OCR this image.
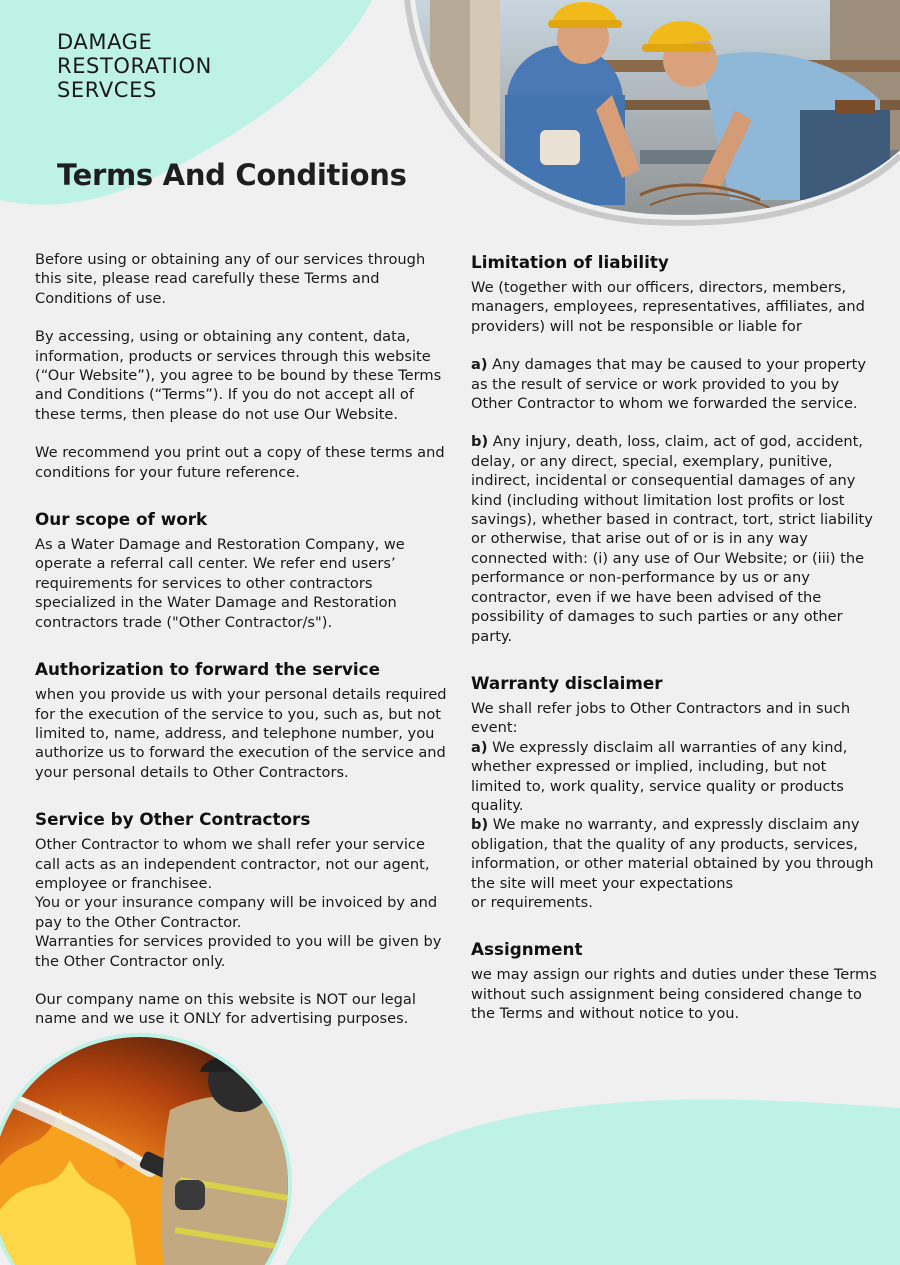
DAMAGE
RESTORATION
SERVCES
Terms And Conditions

Before using or obtaining any of our services through this site, please read carefully these Terms and Conditions of use.

By accessing, using or obtaining any content, data, information, products or services through this website (“Our Website”), you agree to be bound by these Terms and Conditions (“Terms”). If you do not accept all of these terms, then please do not use Our Website.

We recommend you print out a copy of these terms and conditions for your future reference.

Our scope of work

As a Water Damage and Restoration Company, we operate a referral call center. We refer end users’ requirements for services to other contractors specialized in the Water Damage and Restoration contractors trade ("Other Contractor/s").

Authorization to forward the service

when you provide us with your personal details required for the execution of the service to you, such as, but not limited to, name, address, and telephone number, you authorize us to forward the execution of the service and your personal details to Other Contractors.

Service by Other Contractors

Other Contractor to whom we shall refer your service call acts as an independent contractor, not our agent, employee or franchisee.

You or your insurance company will be invoiced by and pay to the Other Contractor.

Warranties for services provided to you will be given by the Other Contractor only.

Our company name on this website is NOT our legal name and we use it ONLY for advertising purposes.

Limitation of liability

We (together with our officers, directors, members, managers, employees, representatives, affiliates, and providers) will not be responsible or liable for

a) Any damages that may be caused to your property as the result of service or work provided to you by Other Contractor to whom we forwarded the service.

b) Any injury, death, loss, claim, act of god, accident, delay, or any direct, special, exemplary, punitive, indirect, incidental or consequential damages of any kind (including without limitation lost profits or lost savings), whether based in contract, tort, strict liability or otherwise, that arise out of or is in any way connected with: (i) any use of Our Website; or (iii) the performance or non-performance by us or any contractor, even if we have been advised of the possibility of damages to such parties or any other party.

Warranty disclaimer

We shall refer jobs to Other Contractors and in such event:

a) We expressly disclaim all warranties of any kind, whether expressed or implied, including, but not limited to, work quality, service quality or products quality.

b) We make no warranty, and expressly disclaim any obligation, that the quality of any products, services, information, or other material obtained by you through the site will meet your expectations

or requirements.

Assignment

we may assign our rights and duties under these Terms without such assignment being considered change to the Terms and without notice to you.
